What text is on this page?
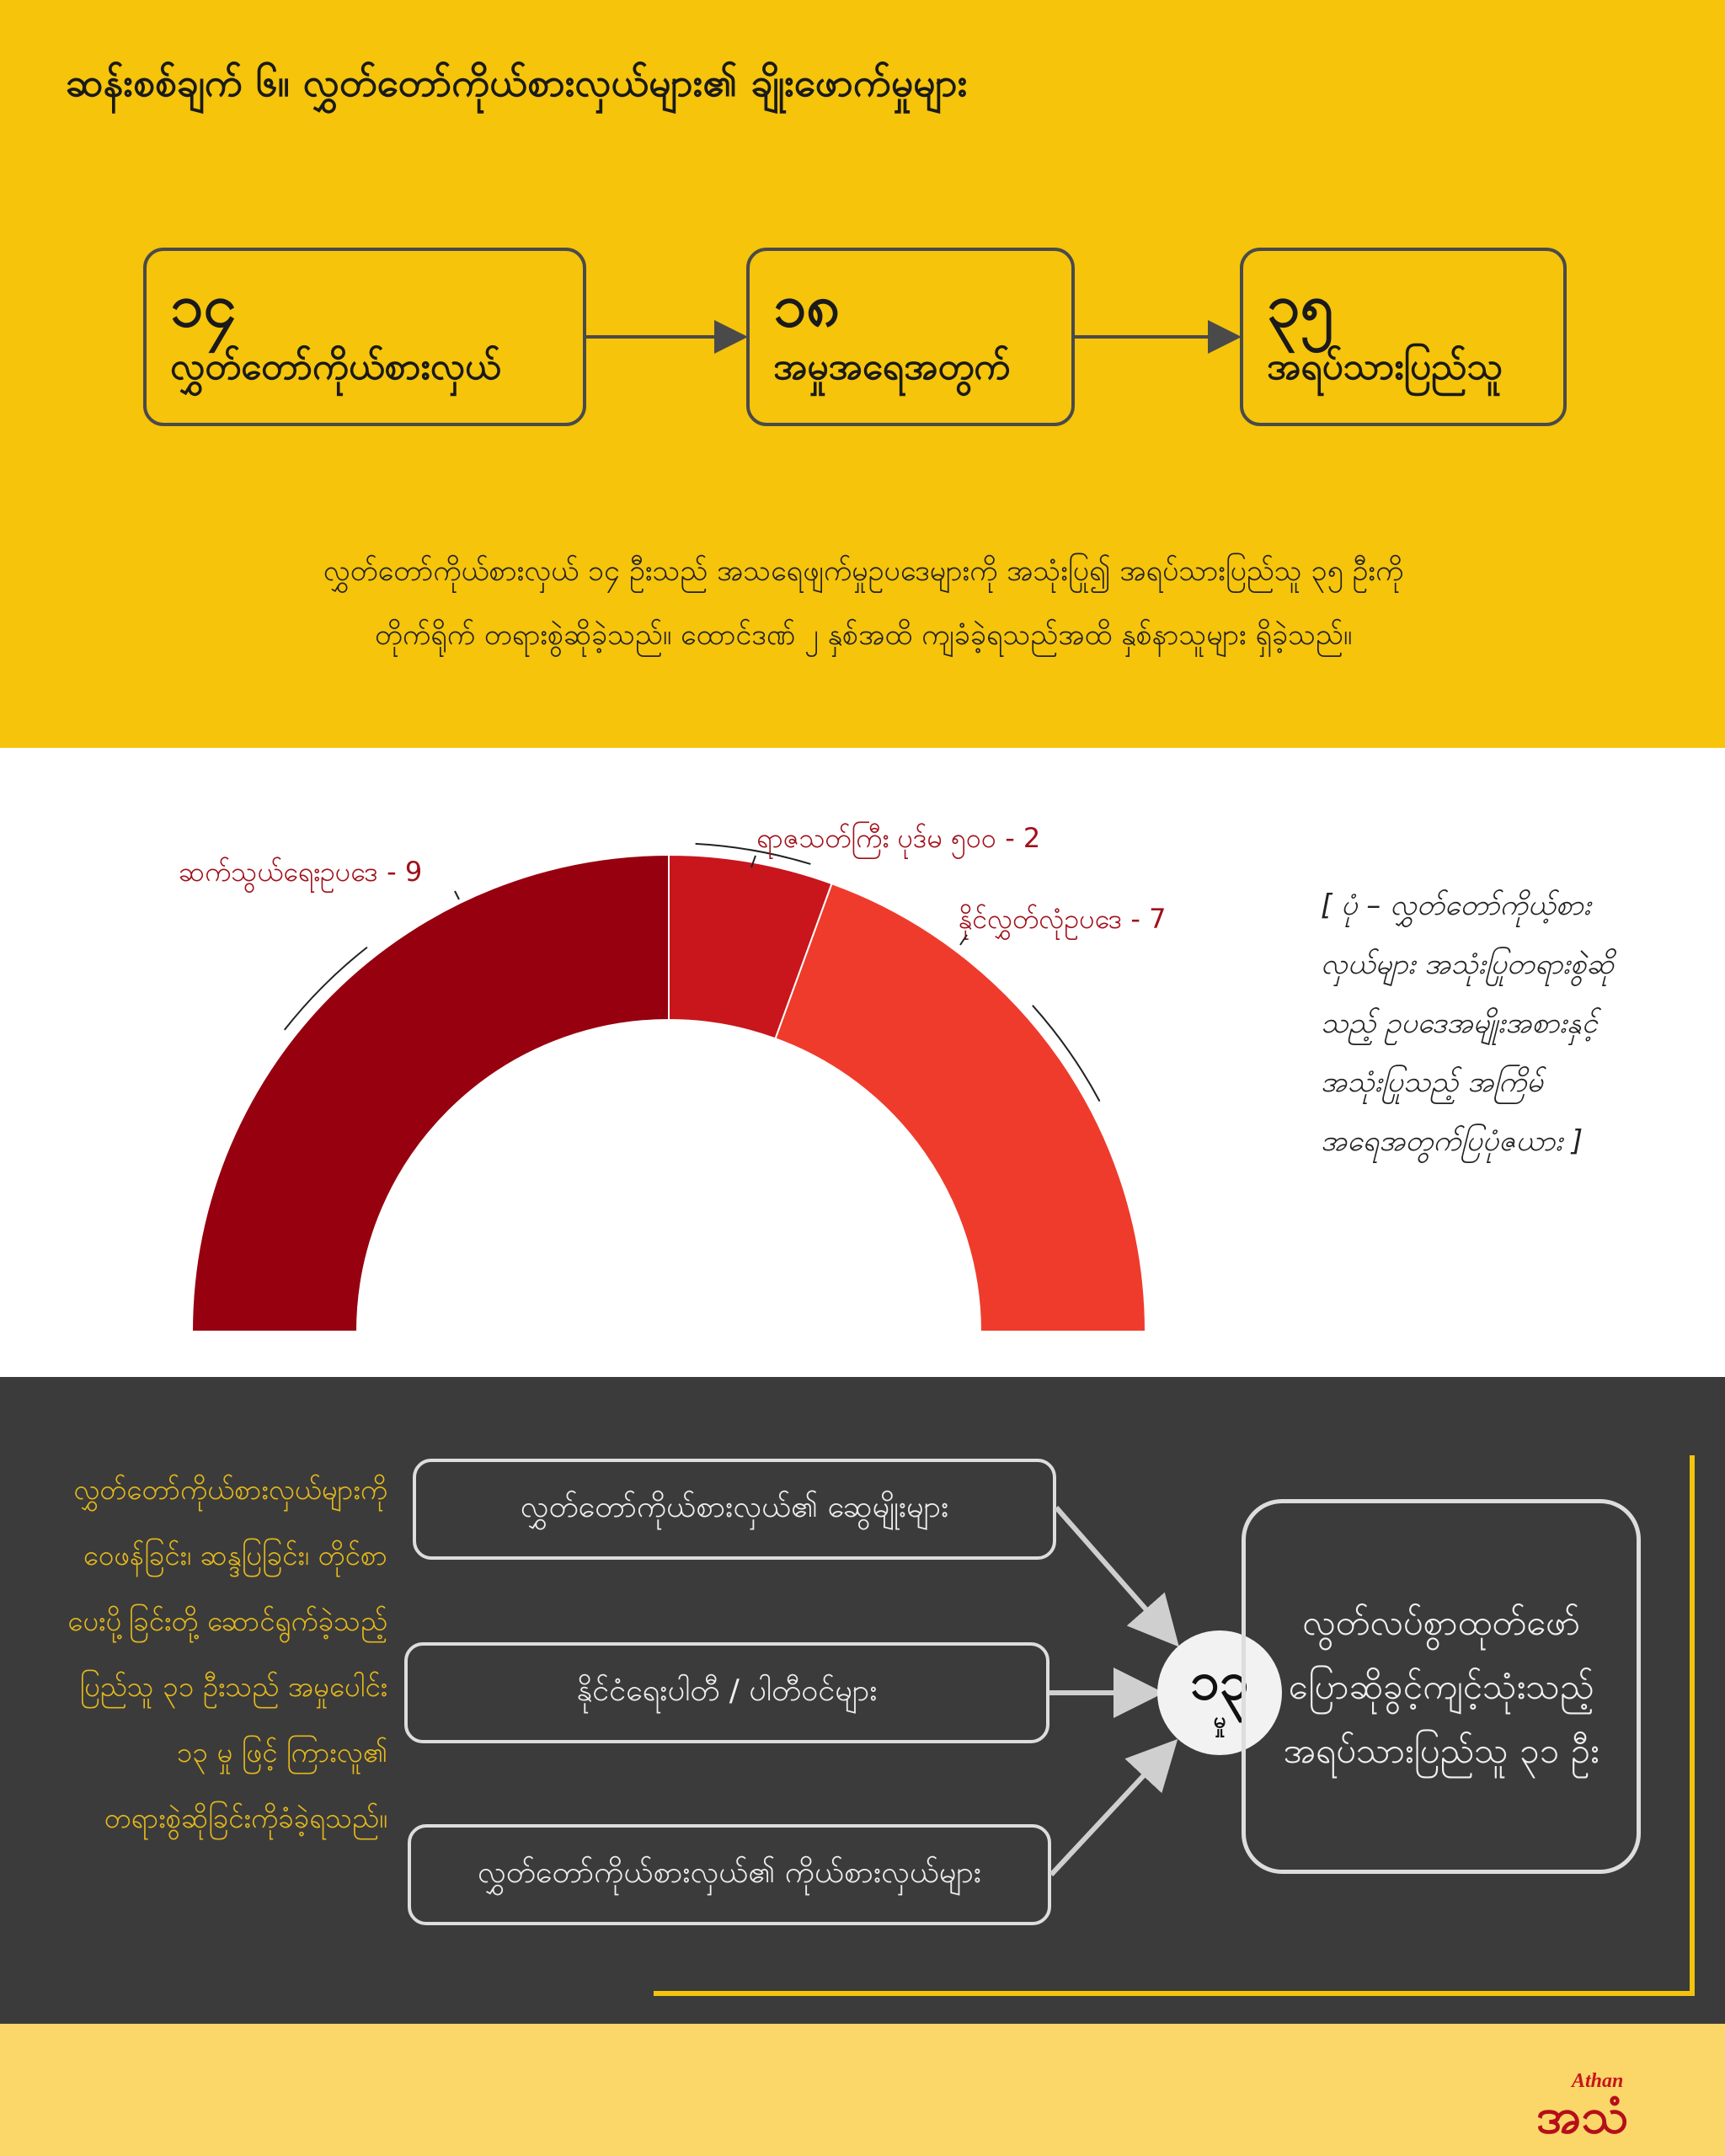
ဆန်းစစ်ချက် ၆။ လွှတ်တော်ကိုယ်စားလှယ်များ၏ ချိုးဖောက်မှုများ
၁၄
လွှတ်တော်ကိုယ်စားလှယ်
၁၈
အမှုအရေအတွက်
၃၅
အရပ်သားပြည်သူ
လွှတ်တော်ကိုယ်စားလှယ် ၁၄ ဦးသည် အသရေဖျက်မှုဥပဒေများကို အသုံးပြု၍ အရပ်သားပြည်သူ ၃၅ ဦးကို
တိုက်ရိုက် တရားစွဲဆိုခဲ့သည်။ ထောင်ဒဏ် ၂ နှစ်အထိ ကျခံခဲ့ရသည်အထိ နှစ်နာသူများ ရှိခဲ့သည်။
ဆက်သွယ်ရေးဥပဒေ - 9
ရာဇသတ်ကြီး ပုဒ်မ ၅၀၀ - 2
နိုင်လွှတ်လုံဥပဒေ - 7	[ ပုံ – လွှတ်တော်ကိုယ့်စားလှယ်များ အသုံးပြုတရားစွဲဆိုသည့် ဥပဒေအမျိုးအစားနှင့် အသုံးပြုသည့် အကြိမ်အရေအတွက်ပြပုံဇယား ]
လွှတ်တော်ကိုယ်စားလှယ်များကို ဝေဖန်ခြင်း၊ ဆန္ဒပြခြင်း၊ တိုင်စာပေးပို့ခြင်းတို့ ဆောင်ရွက်ခဲ့သည့် ပြည်သူ ၃၁ ဦးသည် အမှုပေါင်း ၁၃ မှု ဖြင့် ကြားလူ၏ တရားစွဲဆိုခြင်းကိုခံခဲ့ရသည်။
လွှတ်တော်ကိုယ်စားလှယ်၏ ဆွေမျိုးများ
နိုင်ငံရေးပါတီ / ပါတီဝင်များ
လွှတ်တော်ကိုယ်စားလှယ်၏ ကိုယ်စားလှယ်များ
၁၃
မှု
လွတ်လပ်စွာထုတ်ဖော်ပြောဆိုခွင့်ကျင့်သုံးသည့် အရပ်သားပြည်သူ ၃၁ ဦး
Athan
အသံ
